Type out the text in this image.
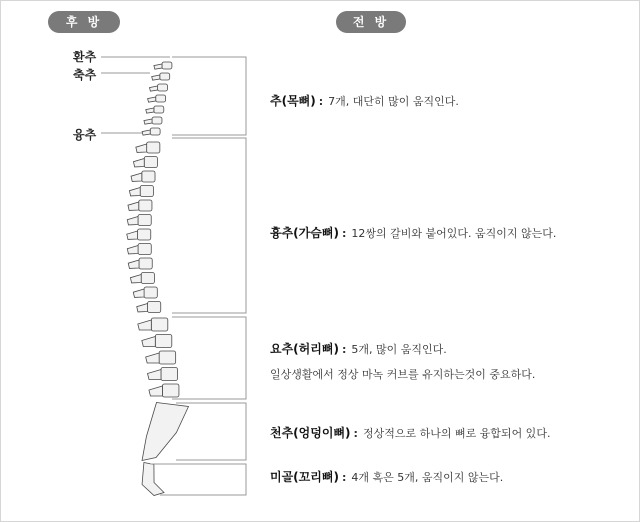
후 방	전 방
환추
축추
융추
추(목뼈) : 7개, 대단히 많이 움직인다.
흉추(가슴뼈) : 12쌍의 갈비와 붙어있다. 움직이지 않는다.
요추(허리뼈) : 5개, 많이 움직인다.
일상생활에서 정상 마녹 커브를 유지하는것이 중요하다.
천추(엉덩이뼈) : 정상적으로 하나의 뼈로 융합되어 있다.
미골(꼬리뼈) : 4개 혹은 5개, 움직이지 않는다.
